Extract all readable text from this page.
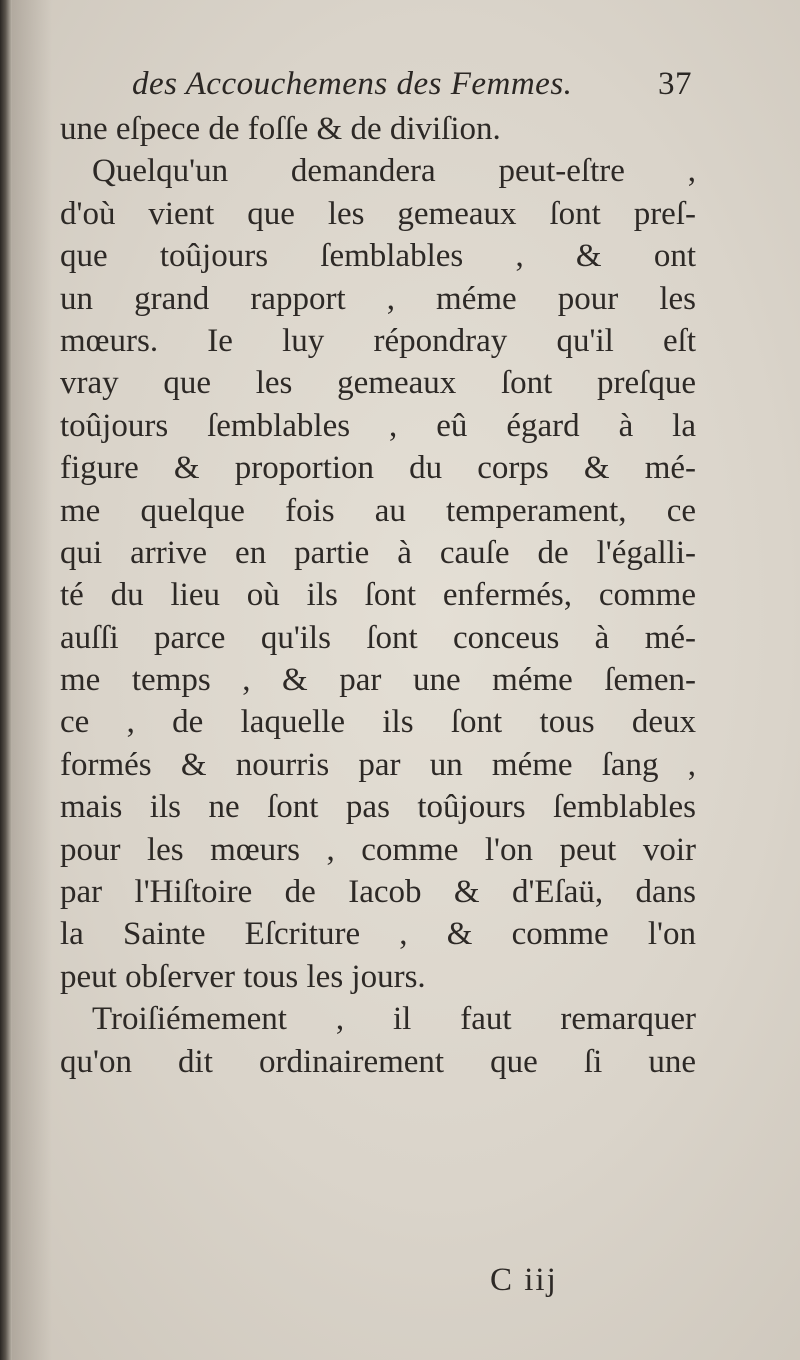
des Accouchemens des Femmes.	37
une eſpece de foſſe & de diviſion.
Quelqu'un demandera peut-eſtre ,
d'où vient que les gemeaux ſont preſ-
que toûjours ſemblables , & ont
un grand rapport , méme pour les
mœurs. Ie luy répondray qu'il eſt
vray que les gemeaux ſont preſque
toûjours ſemblables , eû égard à la
figure & proportion du corps & mé-
me quelque fois au temperament, ce
qui arrive en partie à cauſe de l'égalli-
té du lieu où ils ſont enfermés, comme
auſſi parce qu'ils ſont conceus à mé-
me temps , & par une méme ſemen-
ce , de laquelle ils ſont tous deux
formés & nourris par un méme ſang ,
mais ils ne ſont pas toûjours ſemblables
pour les mœurs , comme l'on peut voir
par l'Hiſtoire de Iacob & d'Eſaü, dans
la Sainte Eſcriture , & comme l'on
peut obſerver tous les jours.
Troiſiémement , il faut remarquer
qu'on dit ordinairement que ſi une
C iij
